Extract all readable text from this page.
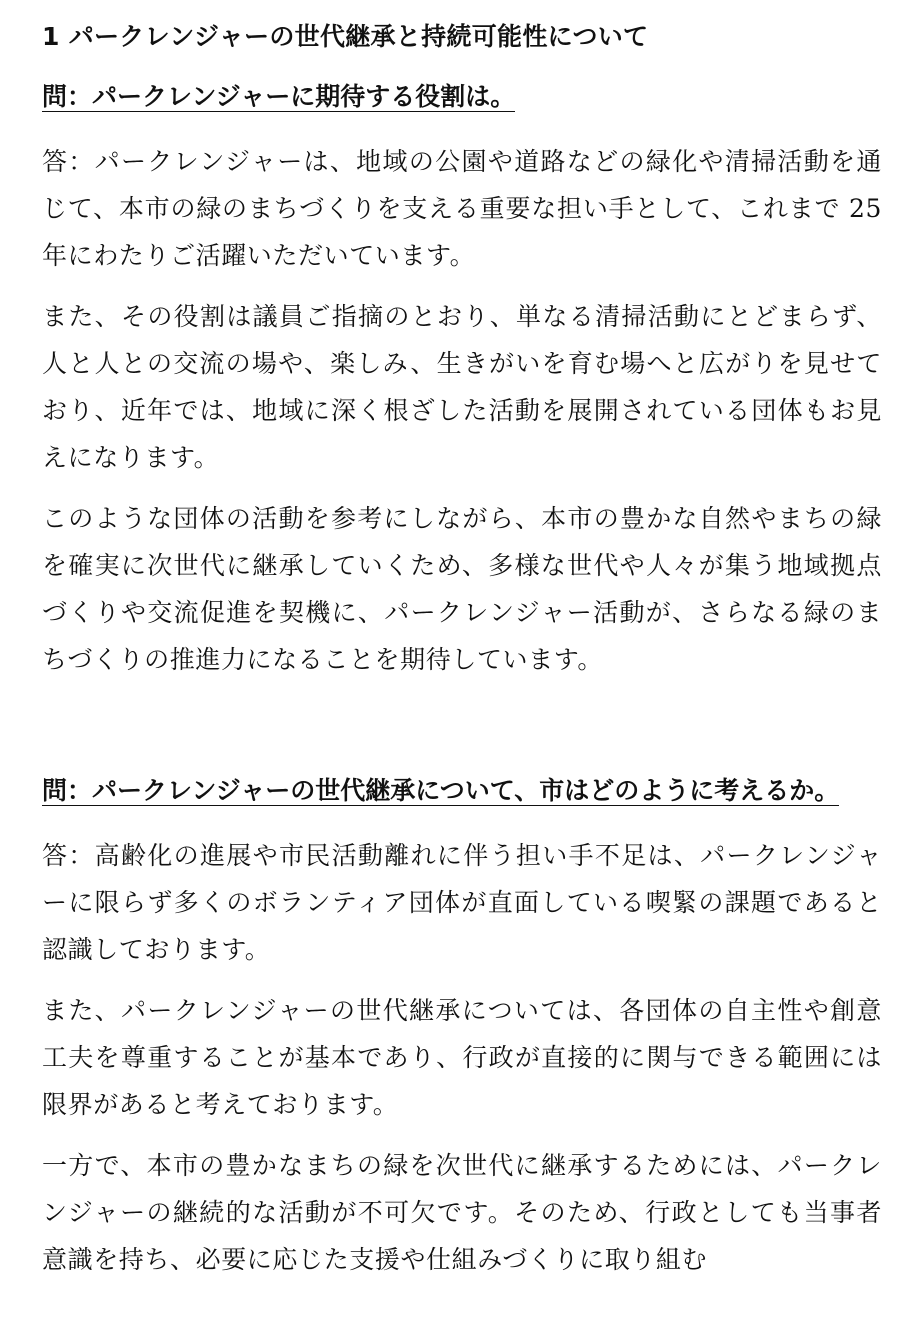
1 パークレンジャーの世代継承と持続可能性について

問：パークレンジャーに期待する役割は。

答：パークレンジャーは、地域の公園や道路などの緑化や清掃活動を通じて、本市の緑のまちづくりを支える重要な担い手として、これまで 25 年にわたりご活躍いただいています。

また、その役割は議員ご指摘のとおり、単なる清掃活動にとどまらず、人と人との交流の場や、楽しみ、生きがいを育む場へと広がりを見せており、近年では、地域に深く根ざした活動を展開されている団体もお見えになります。

このような団体の活動を参考にしながら、本市の豊かな自然やまちの緑を確実に次世代に継承していくため、多様な世代や人々が集う地域拠点づくりや交流促進を契機に、パークレンジャー活動が、さらなる緑のまちづくりの推進力になることを期待しています。

問：パークレンジャーの世代継承について、市はどのように考えるか。

答：高齢化の進展や市民活動離れに伴う担い手不足は、パークレンジャーに限らず多くのボランティア団体が直面している喫緊の課題であると認識しております。

また、パークレンジャーの世代継承については、各団体の自主性や創意工夫を尊重することが基本であり、行政が直接的に関与できる範囲には限界があると考えております。

一方で、本市の豊かなまちの緑を次世代に継承するためには、パークレンジャーの継続的な活動が不可欠です。そのため、行政としても当事者意識を持ち、必要に応じた支援や仕組みづくりに取り組む
